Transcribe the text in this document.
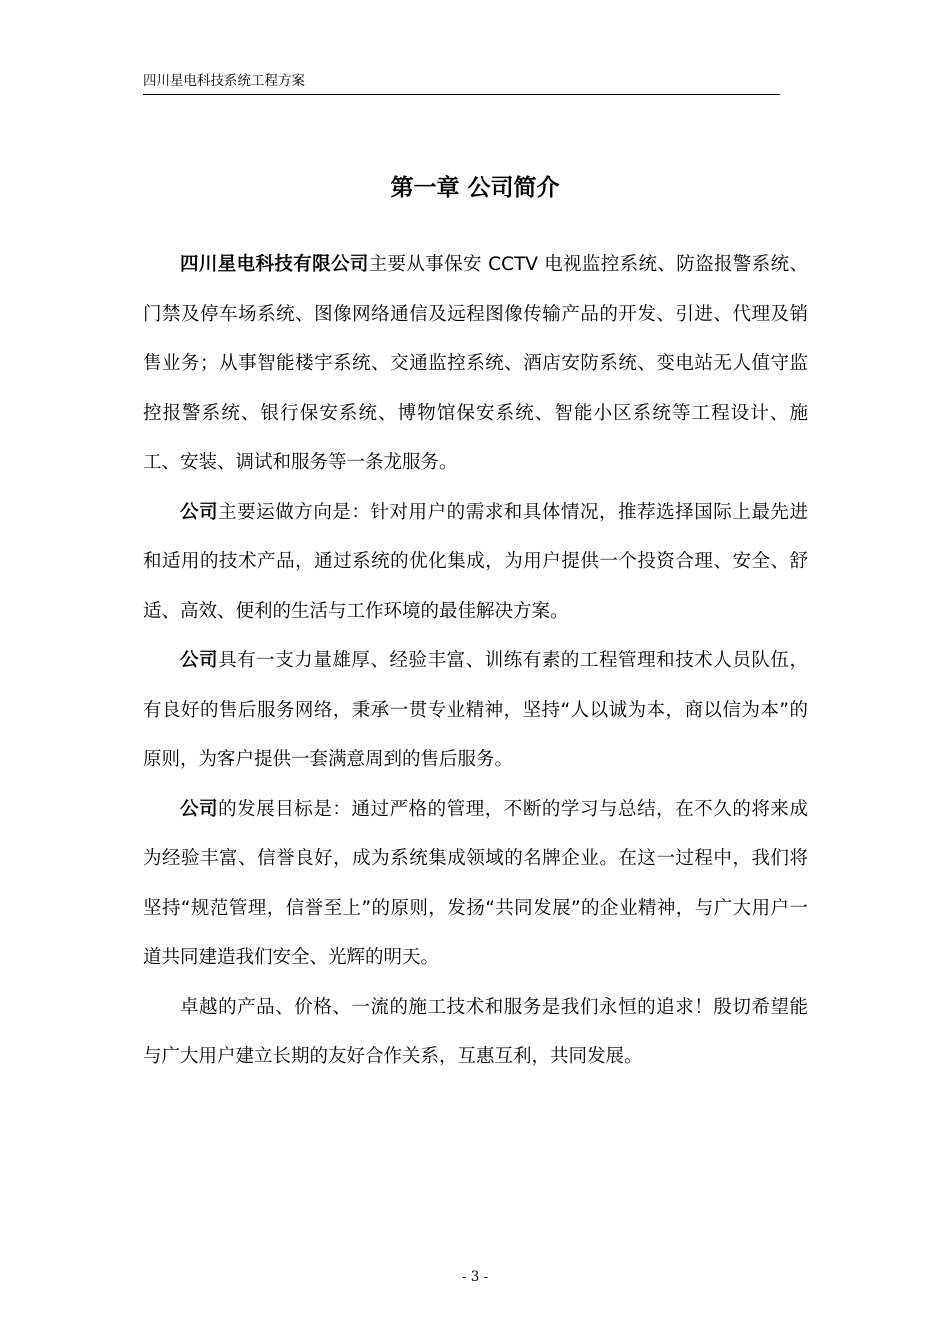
四川星电科技系统工程方案
第一章 公司简介

四川星电科技有限公司主要从事保安 CCTV 电视监控系统、防盗报警系统、门禁及停车场系统、图像网络通信及远程图像传输产品的开发、引进、代理及销售业务；从事智能楼宇系统、交通监控系统、酒店安防系统、变电站无人值守监控报警系统、银行保安系统、博物馆保安系统、智能小区系统等工程设计、施工、安装、调试和服务等一条龙服务。

公司主要运做方向是：针对用户的需求和具体情况，推荐选择国际上最先进和适用的技术产品，通过系统的优化集成，为用户提供一个投资合理、安全、舒适、高效、便利的生活与工作环境的最佳解决方案。

公司具有一支力量雄厚、经验丰富、训练有素的工程管理和技术人员队伍，有良好的售后服务网络，秉承一贯专业精神，坚持“人以诚为本，商以信为本”的原则，为客户提供一套满意周到的售后服务。

公司的发展目标是：通过严格的管理，不断的学习与总结，在不久的将来成为经验丰富、信誉良好，成为系统集成领域的名牌企业。在这一过程中，我们将坚持“规范管理，信誉至上”的原则，发扬“共同发展”的企业精神，与广大用户一道共同建造我们安全、光辉的明天。

卓越的产品、价格、一流的施工技术和服务是我们永恒的追求！殷切希望能与广大用户建立长期的友好合作关系，互惠互利，共同发展。

- 3 -
